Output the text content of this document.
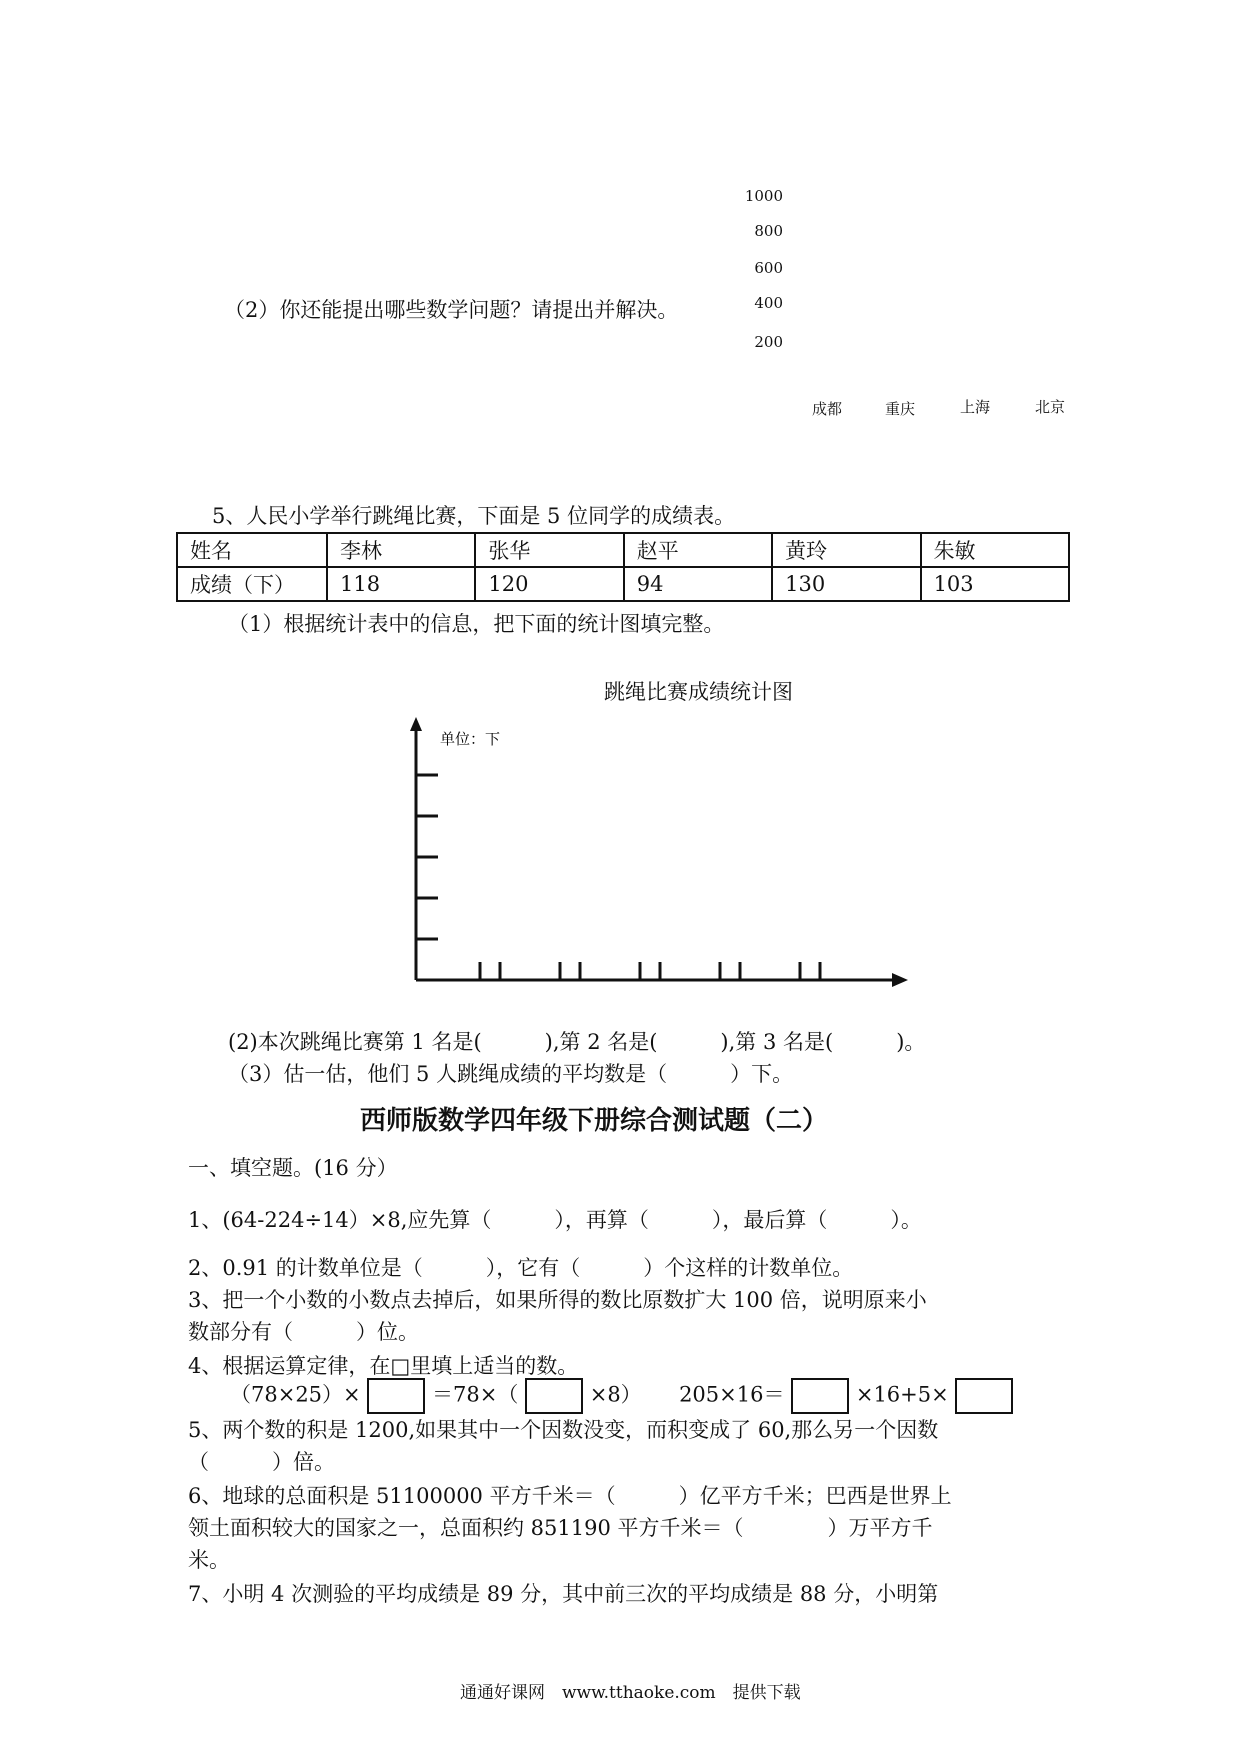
1000
800
600
400
200
（2）你还能提出哪些数学问题？请提出并解决。
成都	重庆	上海	北京
5、人民小学举行跳绳比赛，下面是 5 位同学的成绩表。
姓名	李林	张华	赵平	黄玲	朱敏
成绩（下）	118	120	94	130	103
（1）根据统计表中的信息，把下面的统计图填完整。
跳绳比赛成绩统计图
单位：下
(2)本次跳绳比赛第 1 名是(　　　),第 2 名是(　　　),第 3 名是(　　　)。
（3）估一估，他们 5 人跳绳成绩的平均数是（　　　）下。
西师版数学四年级下册综合测试题（二）
一、填空题。(16 分）
1、(64-224÷14）×8,应先算（　　　），再算（　　　），最后算（　　　）。
2、0.91 的计数单位是（　　　），它有（　　　）个这样的计数单位。
3、把一个小数的小数点去掉后，如果所得的数比原数扩大 100 倍，说明原来小
数部分有（　　　）位。
4、根据运算定律，在□里填上适当的数。
（78×25）×	＝78×（	×8） 205×16＝	×16+5×
5、两个数的积是 1200,如果其中一个因数没变，而积变成了 60,那么另一个因数
（　　　）倍。
6、地球的总面积是 51100000 平方千米＝（　　　）亿平方千米；巴西是世界上
领土面积较大的国家之一，总面积约 851190 平方千米＝（　　　　）万平方千
米。
7、小明 4 次测验的平均成绩是 89 分，其中前三次的平均成绩是 88 分，小明第
通通好课网　www.tthaoke.com　提供下载
